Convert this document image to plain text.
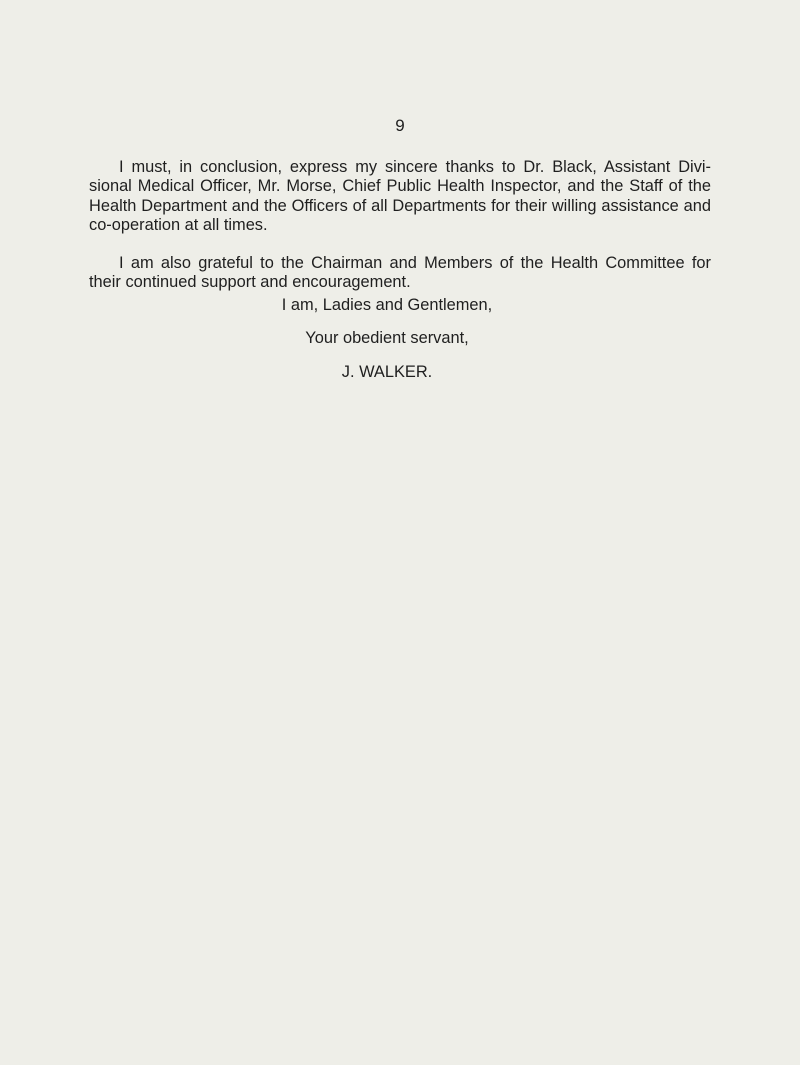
9

I must, in conclusion, express my sincere thanks to Dr. Black, Assistant Divi- sional Medical Officer, Mr. Morse, Chief Public Health Inspector, and the Staff of the Health Department and the Officers of all Departments for their willing assistance and co-operation at all times.

I am also grateful to the Chairman and Members of the Health Committee for their continued support and encouragement.

I am, Ladies and Gentlemen,

Your obedient servant,

J. WALKER.
